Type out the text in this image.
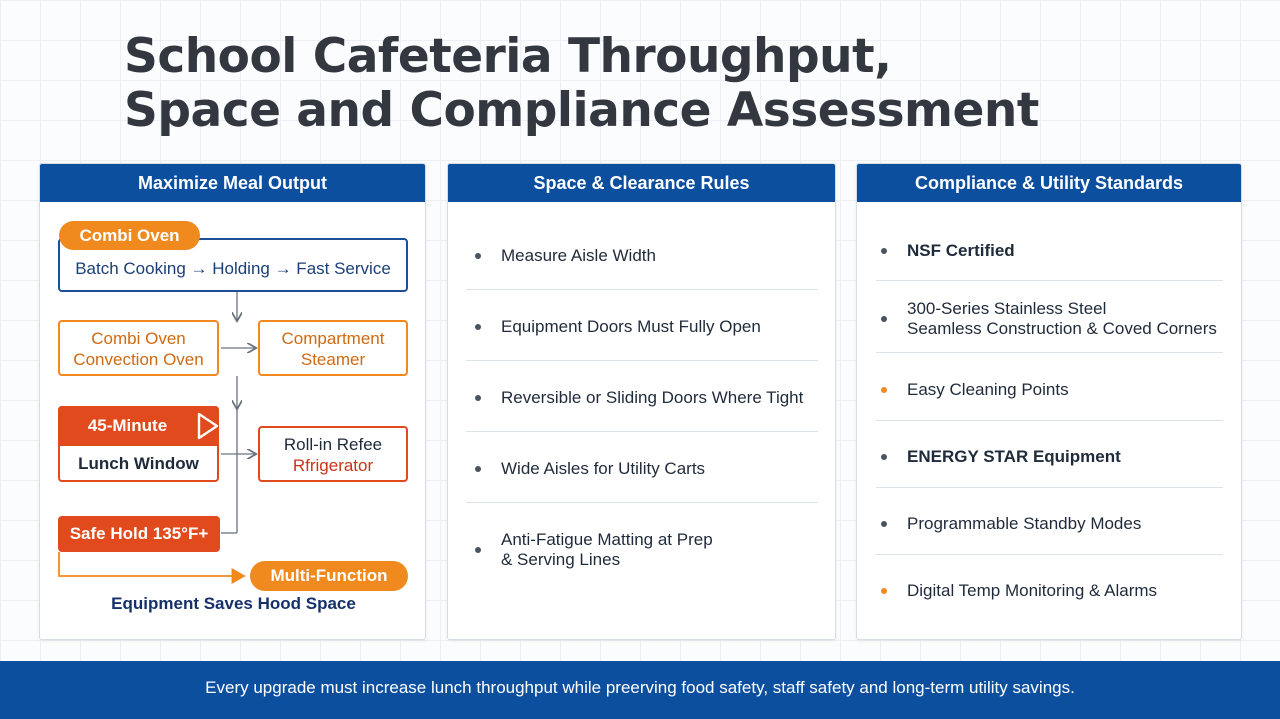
School Cafeteria Throughput,
Space and Compliance Assessment
Maximize Meal Output
Batch Cooking → Holding → Fast Service
Combi Oven
Combi Oven
Convection Oven
Compartment
Steamer
Lunch Window
45-Minute
Roll-in Refee
Rfrigerator
Safe Hold 135°F+
Multi-Function
Equipment Saves Hood Space
Space & Clearance Rules
Measure Aisle Width
Equipment Doors Must Fully Open
Reversible or Sliding Doors Where Tight
Wide Aisles for Utility Carts
Anti-Fatigue Matting at Prep
& Serving Lines
Compliance & Utility Standards
NSF Certified
300-Series Stainless Steel
Seamless Construction & Coved Corners
Easy Cleaning Points
ENERGY STAR Equipment
Programmable Standby Modes
Digital Temp Monitoring & Alarms
Every upgrade must increase lunch throughput while preerving food safety, staff safety and long-term utility savings.
